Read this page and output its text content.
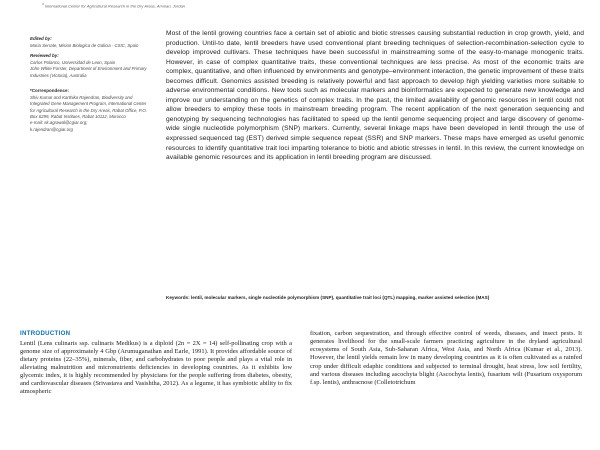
$^3$ International Center for Agricultural Research in the Dry Areas, Amman, Jordan
Edited by:
Maria Serrate, Mision Biologica de Galicia - CSIC, Spain
Reviewed by:
Carlos Polanco, Universidad de Leon, Spain
John White Forster, Department of Environment and Primary Industries (Victoria), Australia
*Correspondence:
Shiv Kumar and Karthika Rajendran, Biodiversity and Integrated Gene Management Program, International Center for Agricultural Research in the Dry Areas, Rabat Office, P.O. Box 6299, Rabat Institues, Rabat 10112, Morocco
e-mail: sk.agrawal@cgiar.org;
k.rajendran@cgiar.org

Most of the lentil growing countries face a certain set of abiotic and biotic stresses causing substantial reduction in crop growth, yield, and production. Until-to date, lentil breeders have used conventional plant breeding techniques of selection-recombination-selection cycle to develop improved cultivars. These techniques have been successful in mainstreaming some of the easy-to-manage monogenic traits. However, in case of complex quantitative traits, these conventional techniques are less precise. As most of the economic traits are complex, quantitative, and often influenced by environments and genotype–environment interaction, the genetic improvement of these traits becomes difficult. Genomics assisted breeding is relatively powerful and fast approach to develop high yielding varieties more suitable to adverse environmental conditions. New tools such as molecular markers and bioinformatics are expected to generate new knowledge and improve our understanding on the genetics of complex traits. In the past, the limited availability of genomic resources in lentil could not allow breeders to employ these tools in mainstream breeding program. The recent application of the next generation sequencing and genotyping by sequencing technologies has facilitated to speed up the lentil genome sequencing project and large discovery of genome-wide single nucleotide polymorphism (SNP) markers. Currently, several linkage maps have been developed in lentil through the use of expressed sequenced tag (EST) derived simple sequence repeat (SSR) and SNP markers. These maps have emerged as useful genomic resources to identify quantitative trait loci imparting tolerance to biotic and abiotic stresses in lentil. In this review, the current knowledge on available genomic resources and its application in lentil breeding program are discussed.

Keywords: lentil, molecular markers, single nucleotide polymorphism (SNP), quantitative trait loci (QTL) mapping, marker assisted selection (MAS)
INTRODUCTION

Lentil (Lens culinaris ssp. culinaris Medikus) is a diploid (2n = 2X = 14) self-pollinating crop with a genome size of approximately 4 Gbp (Arumuganathan and Earle, 1991). It provides affordable source of dietary proteins (22–35%), minerals, fiber, and carbohydrates to poor people and plays a vital role in alleviating malnutrition and micronutrients deficiencies in developing countries. As it exhibits low glycemic index, it is highly recommended by physicians for the people suffering from diabetes, obesity, and cardiovascular diseases (Srivastava and Vasishtha, 2012). As a legume, it has symbiotic ability to fix atmospheric

fixation, carbon sequestration, and through effective control of weeds, diseases, and insect pests. It generates livelihood for the small-scale farmers practicing agriculture in the dryland agricultural ecosystems of South Asia, Sub-Saharan Africa, West Asia, and North Africa (Kumar et al., 2013). However, the lentil yields remain low in many developing countries as it is often cultivated as a rainfed crop under difficult edaphic conditions and subjected to terminal drought, heat stress, low soil fertility, and various diseases including ascochyta blight (Ascochyta lentis), fusarium wilt (Fusarium oxysporum f.sp. lentis), anthracnose (Colletotrichum
